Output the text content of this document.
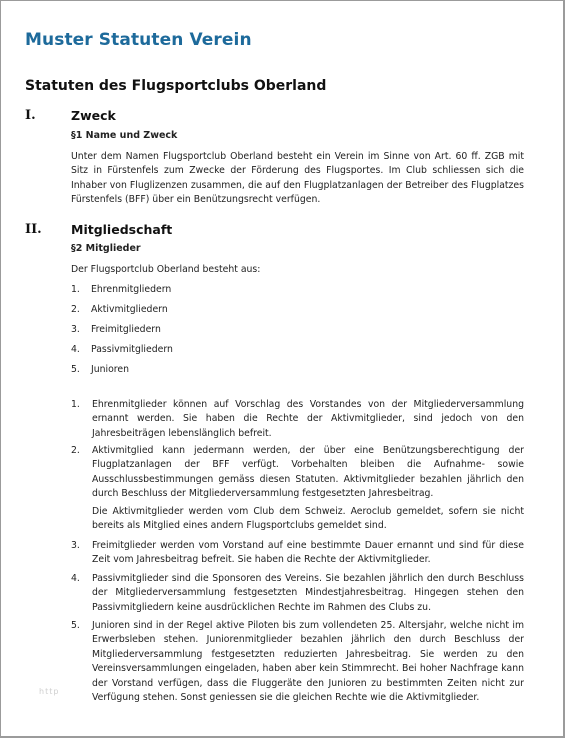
Muster Statuten Verein
Statuten des Flugsportclubs Oberland
I.	Zweck
§1 Name und Zweck

Unter dem Namen Flugsportclub Oberland besteht ein Verein im Sinne von Art. 60 ff. ZGB mit Sitz in Fürstenfels zum Zwecke der Förderung des Flugsportes. Im Club schliessen sich die Inhaber von Fluglizenzen zusammen, die auf den Flugplatzanlagen der Betreiber des Flugplatzes Fürstenfels (BFF) über ein Benützungsrecht verfügen.

II. Mitgliedschaft
§2 Mitglieder
Der Flugsportclub Oberland besteht aus:
1. Ehrenmitgliedern
2. Aktivmitgliedern
3. Freimitgliedern
4. Passivmitgliedern
5. Junioren
1. Ehrenmitglieder können auf Vorschlag des Vorstandes von der Mitgliederversammlung ernannt werden. Sie haben die Rechte der Aktivmitglieder, sind jedoch von den Jahresbeiträgen lebenslänglich befreit.
2. Aktivmitglied kann jedermann werden, der über eine Benützungsberechtigung der Flugplatzanlagen der BFF verfügt. Vorbehalten bleiben die Aufnahme- sowie Ausschlussbestimmungen gemäss diesen Statuten. Aktivmitglieder bezahlen jährlich den durch Beschluss der Mitgliederversammlung festgesetzten Jahresbeitrag.
Die Aktivmitglieder werden vom Club dem Schweiz. Aeroclub gemeldet, sofern sie nicht bereits als Mitglied eines andern Flugsportclubs gemeldet sind.
3. Freimitglieder werden vom Vorstand auf eine bestimmte Dauer ernannt und sind für diese Zeit vom Jahresbeitrag befreit. Sie haben die Rechte der Aktivmitglieder.
4. Passivmitglieder sind die Sponsoren des Vereins. Sie bezahlen jährlich den durch Beschluss der Mitgliederversammlung festgesetzten Mindestjahresbeitrag. Hingegen stehen den Passivmitgliedern keine ausdrücklichen Rechte im Rahmen des Clubs zu.
5. Junioren sind in der Regel aktive Piloten bis zum vollendeten 25. Altersjahr, welche nicht im Erwerbsleben stehen. Juniorenmitglieder bezahlen jährlich den durch Beschluss der Mitgliederversammlung festgesetzten reduzierten Jahresbeitrag. Sie werden zu den Vereinsversammlungen eingeladen, haben aber kein Stimmrecht. Bei hoher Nachfrage kann der Vorstand verfügen, dass die Fluggeräte den Junioren zu bestimmten Zeiten nicht zur Verfügung stehen. Sonst geniessen sie die gleichen Rechte wie die Aktivmitglieder.
http
